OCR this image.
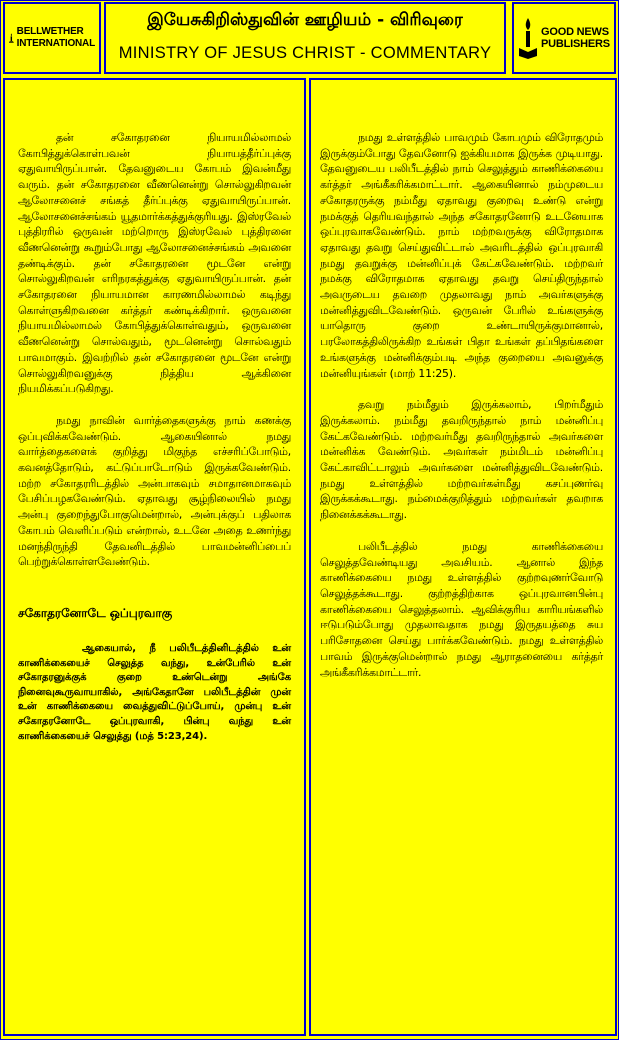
BELLWETHER
INTERNATIONAL
இயேசுகிறிஸ்துவின் ஊழியம் - விரிவுரை
MINISTRY OF JESUS CHRIST - COMMENTARY
GOOD NEWS
PUBLISHERS

தன் சகோதரனை நியாயமில்லாமல் கோபித்துக்கொள்பவன் நியாயத்தீர்ப்புக்கு ஏதுவாயிருப்பான். தேவனுடைய கோபம் இவன்மீது வரும். தன் சகோதரனை வீணனென்று சொல்லுகிறவன் ஆலோசனைச் சங்கத் தீர்ப்புக்கு ஏதுவாயிருப்பான். ஆலோசனைச்சங்கம் யூதமார்க்கத்துக்குரியது. இஸ்ரவேல் புத்திரரில் ஒருவன் மற்றொரு இஸ்ரவேல் புத்திரனை வீணனென்று கூறும்போது ஆலோசனைச்சங்கம் அவனை தண்டிக்கும். தன் சகோதரனை மூடனே என்று சொல்லுகிறவன் எரிநரகத்துக்கு ஏதுவாயிருப்பான். தன் சகோதரனை நியாயமான காரணமில்லாமல் கடிந்து கொள்ளுகிறவனை கர்த்தர் கண்டிக்கிறார். ஒருவனை நியாயமில்லாமல் கோபித்துக்கொள்வதும், ஒருவனை வீணனென்று சொல்வதும், மூடனென்று சொல்வதும் பாவமாகும். இவற்றில் தன் சகோதரனை மூடனே என்று சொல்லுகிறவனுக்கு நித்திய ஆக்கினை நியமிக்கப்படுகிறது.

நமது நாவின் வார்த்தைகளுக்கு நாம் கணக்கு ஒப்புவிக்கவேண்டும். ஆகையினால் நமது வார்த்தைகளைக் குறித்து மிகுந்த எச்சரிப்போடும், கவனத்தோடும், கட்டுப்பாடோடும் இருக்கவேண்டும். மற்ற சகோதரரிடத்தில் அன்பாகவும் சமாதானமாகவும் பேசிப்பழகவேண்டும். ஏதாவது சூழ்நிலையில் நமது அன்பு குறைந்துபோகுமென்றால், அன்புக்குப் பதிலாக கோபம் வெளிப்படும் என்றால், உடனே அதை உணர்ந்து மனந்திருந்தி தேவனிடத்தில் பாவமன்னிப்பைப் பெற்றுக்கொள்ளவேண்டும்.

சகோதரனோடே ஒப்புரவாகு

ஆகையால், நீ பலிபீடத்தினிடத்தில் உன் காணிக்கையைச் செலுத்த வந்து, உன்பேரில் உன் சகோதரனுக்குக் குறை உண்டென்று அங்கே நினைவுகூருவாயாகில், அங்கேதானே பலிபீடத்தின் முன் உன் காணிக்கையை வைத்துவிட்டுப்போய், முன்பு உன் சகோதரனோடே ஒப்புரவாகி, பின்பு வந்து உன் காணிக்கையைச் செலுத்து (மத் 5:23,24).

நமது உள்ளத்தில் பாவமும் கோபமும் விரோதமும் இருக்கும்போது தேவனோடு ஐக்கியமாக இருக்க முடியாது. தேவனுடைய பலிபீடத்தில் நாம் செலுத்தும் காணிக்கையை கர்த்தர் அங்கீகரிக்கமாட்டார். ஆகையினால் நம்முடைய சகோதரருக்கு நம்மீது ஏதாவது குறைவு உண்டு என்று நமக்குத் தெரியவந்தால் அந்த சகோதரனோடு உடனேயாக ஒப்புரவாகவேண்டும். நாம் மற்றவருக்கு விரோதமாக ஏதாவது தவறு செய்துவிட்டால் அவரிடத்தில் ஒப்புரவாகி நமது தவறுக்கு மன்னிப்புக் கேட்கவேண்டும். மற்றவர் நமக்கு விரோதமாக ஏதாவது தவறு செய்திருந்தால் அவருடைய தவறை முதலாவது நாம் அவர்களுக்கு மன்னித்துவிடவேண்டும். ஒருவன் பேரில் உங்களுக்கு யாதொரு குறை உண்டாயிருக்குமானால், பரலோகத்திலிருக்கிற உங்கள் பிதா உங்கள் தப்பிதங்களை உங்களுக்கு மன்னிக்கும்படி அந்த குறையை அவனுக்கு மன்னியுங்கள் (மாற் 11:25).

தவறு நம்மீதும் இருக்கலாம், பிறர்மீதும் இருக்கலாம். நம்மீது தவறிருந்தால் நாம் மன்னிப்பு கேட்கவேண்டும். மற்றவர்மீது தவறிருந்தால் அவர்களை மன்னிக்க வேண்டும். அவர்கள் நம்மிடம் மன்னிப்பு கேட்காவிட்டாலும் அவர்களை மன்னித்துவிடவேண்டும். நமது உள்ளத்தில் மற்றவர்கள்மீது கசப்புணர்வு இருக்கக்கூடாது. நம்மைக்குறித்தும் மற்றவர்கள் தவறாக நினைக்கக்கூடாது.

பலிபீடத்தில் நமது காணிக்கையை செலுத்தவேண்டியது அவசியம். ஆனால் இந்த காணிக்கையை நமது உள்ளத்தில் குற்றவுணர்வோடு செலுத்தக்கூடாது. குற்றத்திற்காக ஒப்புரவானபின்பு காணிக்கையை செலுத்தலாம். ஆவிக்குரிய காரியங்களில் ஈடுபடும்போது முதலாவதாக நமது இருதயத்தை சுய பரிசோதனை செய்து பார்க்கவேண்டும். நமது உள்ளத்தில் பாவம் இருக்குமென்றால் நமது ஆராதனையை கர்த்தர் அங்கீகரிக்கமாட்டார்.
